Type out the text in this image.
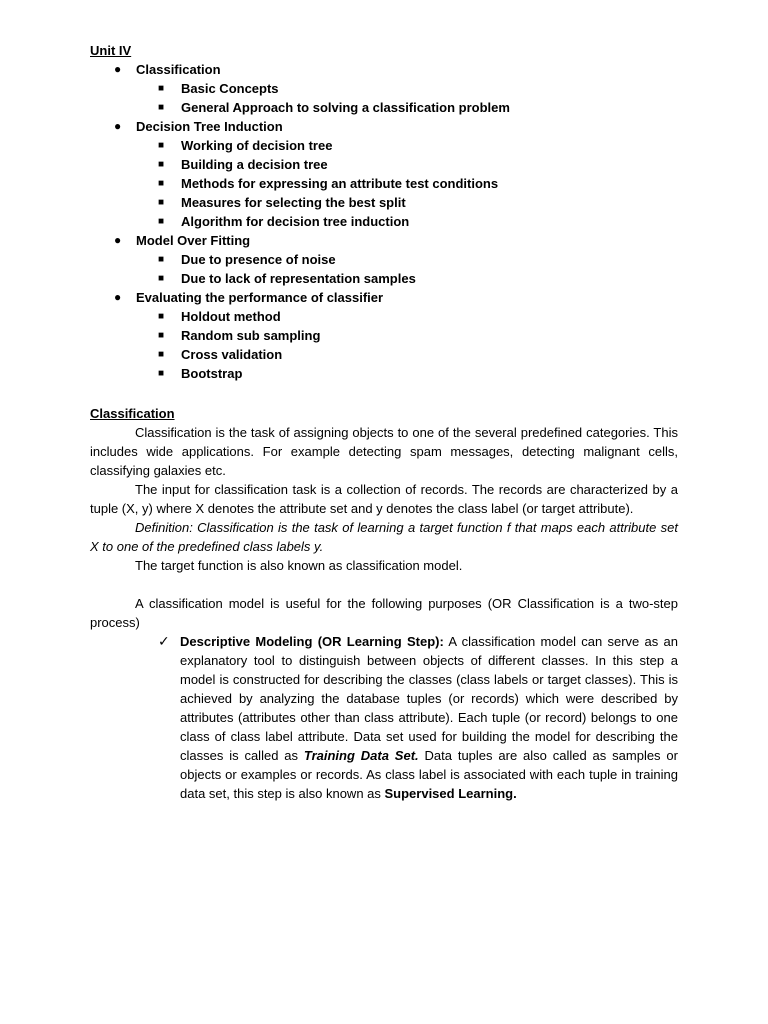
Unit IV
● Classification
■ Basic Concepts
■ General Approach to solving a classification problem
● Decision Tree Induction
■ Working of decision tree
■ Building a decision tree
■ Methods for expressing an attribute test conditions
■ Measures for selecting the best split
■ Algorithm for decision tree induction
● Model Over Fitting
■ Due to presence of noise
■ Due to lack of representation samples
● Evaluating the performance of classifier
■ Holdout method
■ Random sub sampling
■ Cross validation
■ Bootstrap
Classification

Classification is the task of assigning objects to one of the several predefined categories. This includes wide applications. For example detecting spam messages, detecting malignant cells, classifying galaxies etc.

The input for classification task is a collection of records. The records are characterized by a tuple (X, y) where X denotes the attribute set and y denotes the class label (or target attribute).

Definition: Classification is the task of learning a target function f that maps each attribute set X to one of the predefined class labels y.

The target function is also known as classification model.

A classification model is useful for the following purposes (OR Classification is a two-step process)

✓ Descriptive Modeling (OR Learning Step): A classification model can serve as an explanatory tool to distinguish between objects of different classes. In this step a model is constructed for describing the classes (class labels or target classes). This is achieved by analyzing the database tuples (or records) which were described by attributes (attributes other than class attribute). Each tuple (or record) belongs to one class of class label attribute. Data set used for building the model for describing the classes is called as Training Data Set. Data tuples are also called as samples or objects or examples or records. As class label is associated with each tuple in training data set, this step is also known as Supervised Learning.
